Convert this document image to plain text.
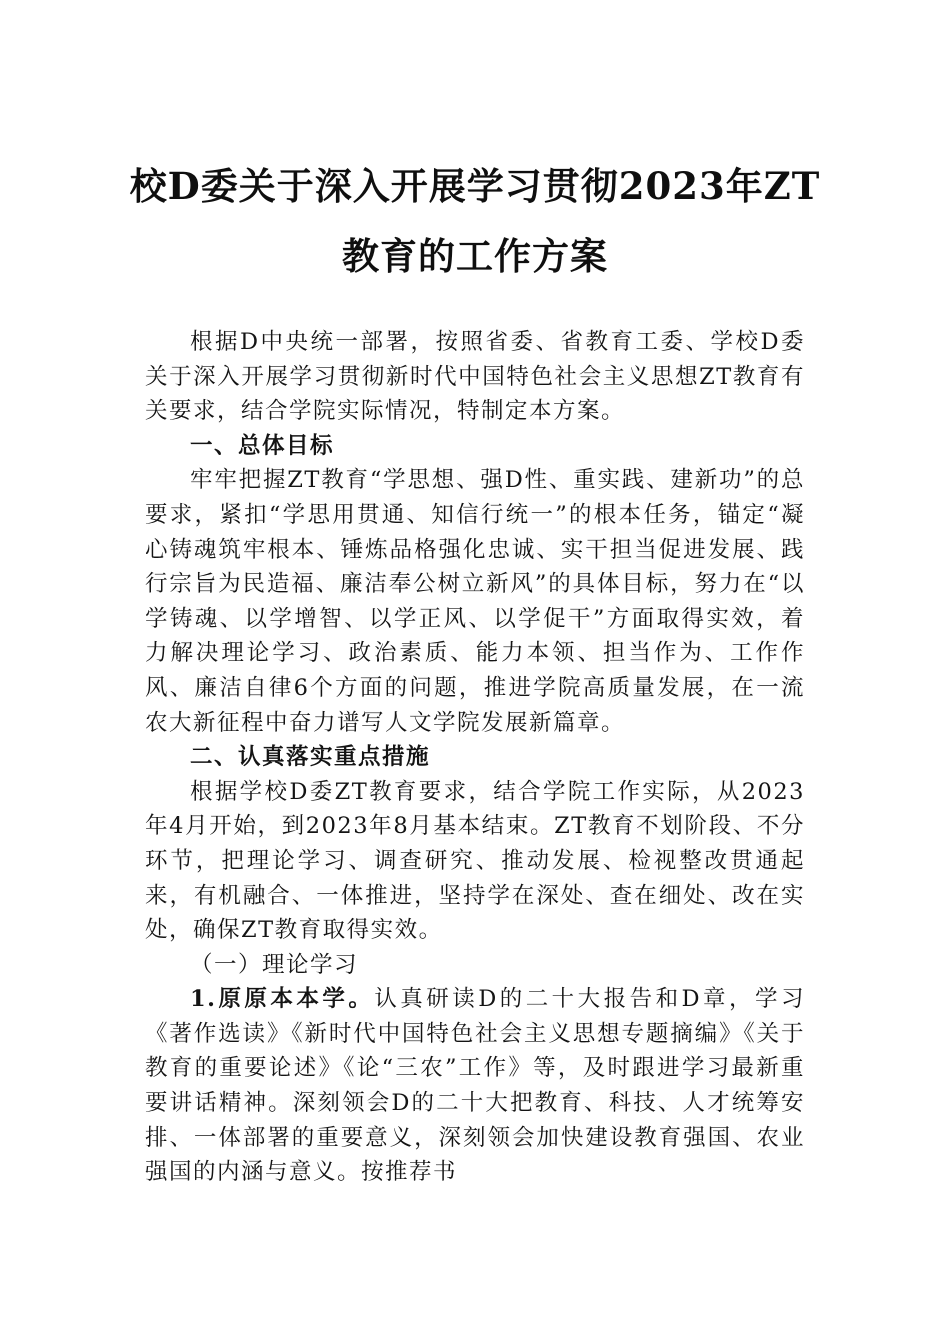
校D委关于深入开展学习贯彻2023年ZT
教育的工作方案

根据D中央统一部署，按照省委、省教育工委、学校D委关于深入开展学习贯彻新时代中国特色社会主义思想ZT教育有关要求，结合学院实际情况，特制定本方案。

一、总体目标

牢牢把握ZT教育“学思想、强D性、重实践、建新功”的总要求，紧扣“学思用贯通、知信行统一”的根本任务，锚定“凝心铸魂筑牢根本、锤炼品格强化忠诚、实干担当促进发展、践行宗旨为民造福、廉洁奉公树立新风”的具体目标，努力在“以学铸魂、以学增智、以学正风、以学促干”方面取得实效，着力解决理论学习、政治素质、能力本领、担当作为、工作作风、廉洁自律6个方面的问题，推进学院高质量发展，在一流农大新征程中奋力谱写人文学院发展新篇章。

二、认真落实重点措施

根据学校D委ZT教育要求，结合学院工作实际，从2023年4月开始，到2023年8月基本结束。ZT教育不划阶段、不分环节，把理论学习、调查研究、推动发展、检视整改贯通起来，有机融合、一体推进，坚持学在深处、查在细处、改在实处，确保ZT教育取得实效。

（一）理论学习

1.原原本本学。认真研读D的二十大报告和D章，学习《著作选读》《新时代中国特色社会主义思想专题摘编》《关于教育的重要论述》《论“三农”工作》等，及时跟进学习最新重要讲话精神。深刻领会D的二十大把教育、科技、人才统筹安排、一体部署的重要意义，深刻领会加快建设教育强国、农业强国的内涵与意义。按推荐书
